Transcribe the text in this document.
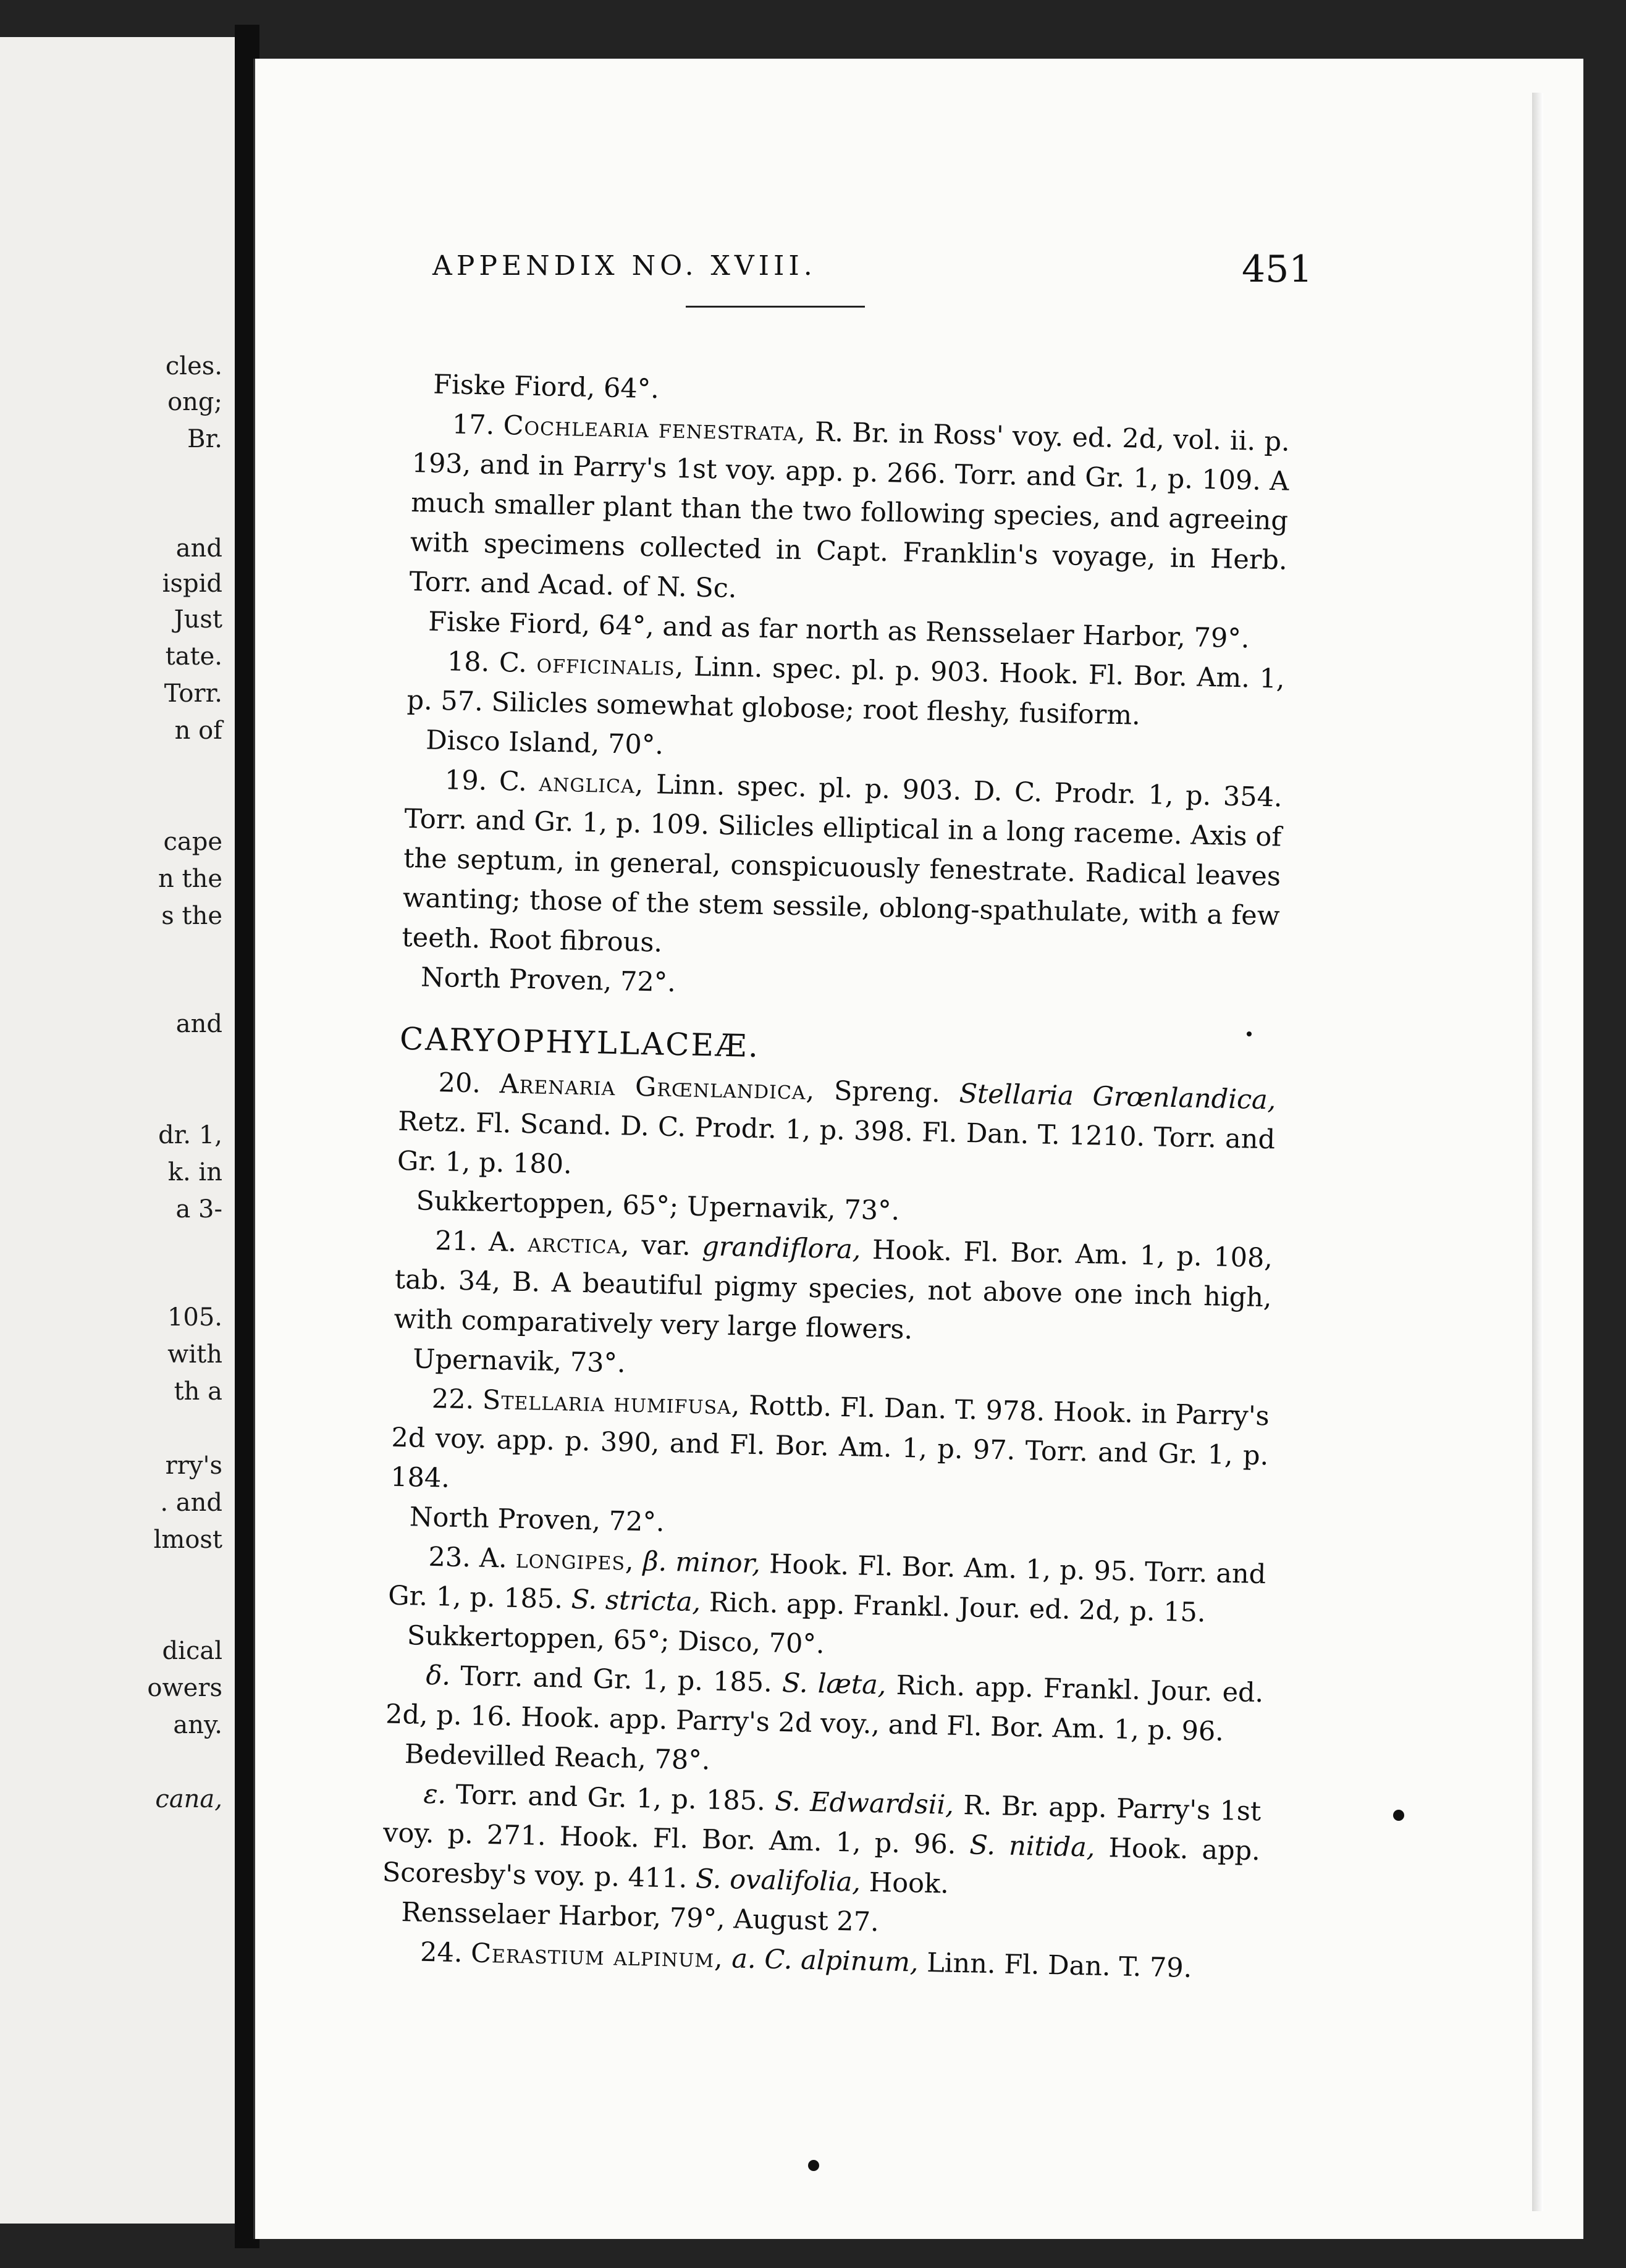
cles.
ong;
Br.
and
ispid
Just
tate.
Torr.
n of
cape
n the
s the
and
dr. 1,
k. in
a 3-
105.
with
th a
rry's
. and
lmost
dical
owers
any.
cana,
APPENDIX NO. XVIII.	451

Fiske Fiord, 64°.

17. Cochlearia fenestrata, R. Br. in Ross' voy. ed. 2d, vol. ii. p. 193, and in Parry's 1st voy. app. p. 266. Torr. and Gr. 1, p. 109. A much smaller plant than the two following species, and agreeing with specimens collected in Capt. Franklin's voyage, in Herb. Torr. and Acad. of N. Sc.

Fiske Fiord, 64°, and as far north as Rensselaer Harbor, 79°.

18. C. officinalis, Linn. spec. pl. p. 903. Hook. Fl. Bor. Am. 1, p. 57. Silicles somewhat globose; root fleshy, fusiform.

Disco Island, 70°.

19. C. anglica, Linn. spec. pl. p. 903. D. C. Prodr. 1, p. 354. Torr. and Gr. 1, p. 109. Silicles elliptical in a long raceme. Axis of the septum, in general, conspicuously fenestrate. Radical leaves wanting; those of the stem sessile, oblong-spathulate, with a few teeth. Root fibrous.

North Proven, 72°.

CARYOPHYLLACEÆ.

20. Arenaria Grœnlandica, Spreng. Stellaria Grœnlandica, Retz. Fl. Scand. D. C. Prodr. 1, p. 398. Fl. Dan. T. 1210. Torr. and Gr. 1, p. 180.

Sukkertoppen, 65°; Upernavik, 73°.

21. A. arctica, var. grandiflora, Hook. Fl. Bor. Am. 1, p. 108, tab. 34, B. A beautiful pigmy species, not above one inch high, with comparatively very large flowers.

Upernavik, 73°.

22. Stellaria humifusa, Rottb. Fl. Dan. T. 978. Hook. in Parry's 2d voy. app. p. 390, and Fl. Bor. Am. 1, p. 97. Torr. and Gr. 1, p. 184.

North Proven, 72°.

23. A. longipes, β. minor, Hook. Fl. Bor. Am. 1, p. 95. Torr. and Gr. 1, p. 185. S. stricta, Rich. app. Frankl. Jour. ed. 2d, p. 15.

Sukkertoppen, 65°; Disco, 70°.

δ. Torr. and Gr. 1, p. 185. S. læta, Rich. app. Frankl. Jour. ed. 2d, p. 16. Hook. app. Parry's 2d voy., and Fl. Bor. Am. 1, p. 96.

Bedevilled Reach, 78°.

ε. Torr. and Gr. 1, p. 185. S. Edwardsii, R. Br. app. Parry's 1st voy. p. 271. Hook. Fl. Bor. Am. 1, p. 96. S. nitida, Hook. app. Scoresby's voy. p. 411. S. ovalifolia, Hook.

Rensselaer Harbor, 79°, August 27.

24. Cerastium alpinum, a. C. alpinum, Linn. Fl. Dan. T. 79.
